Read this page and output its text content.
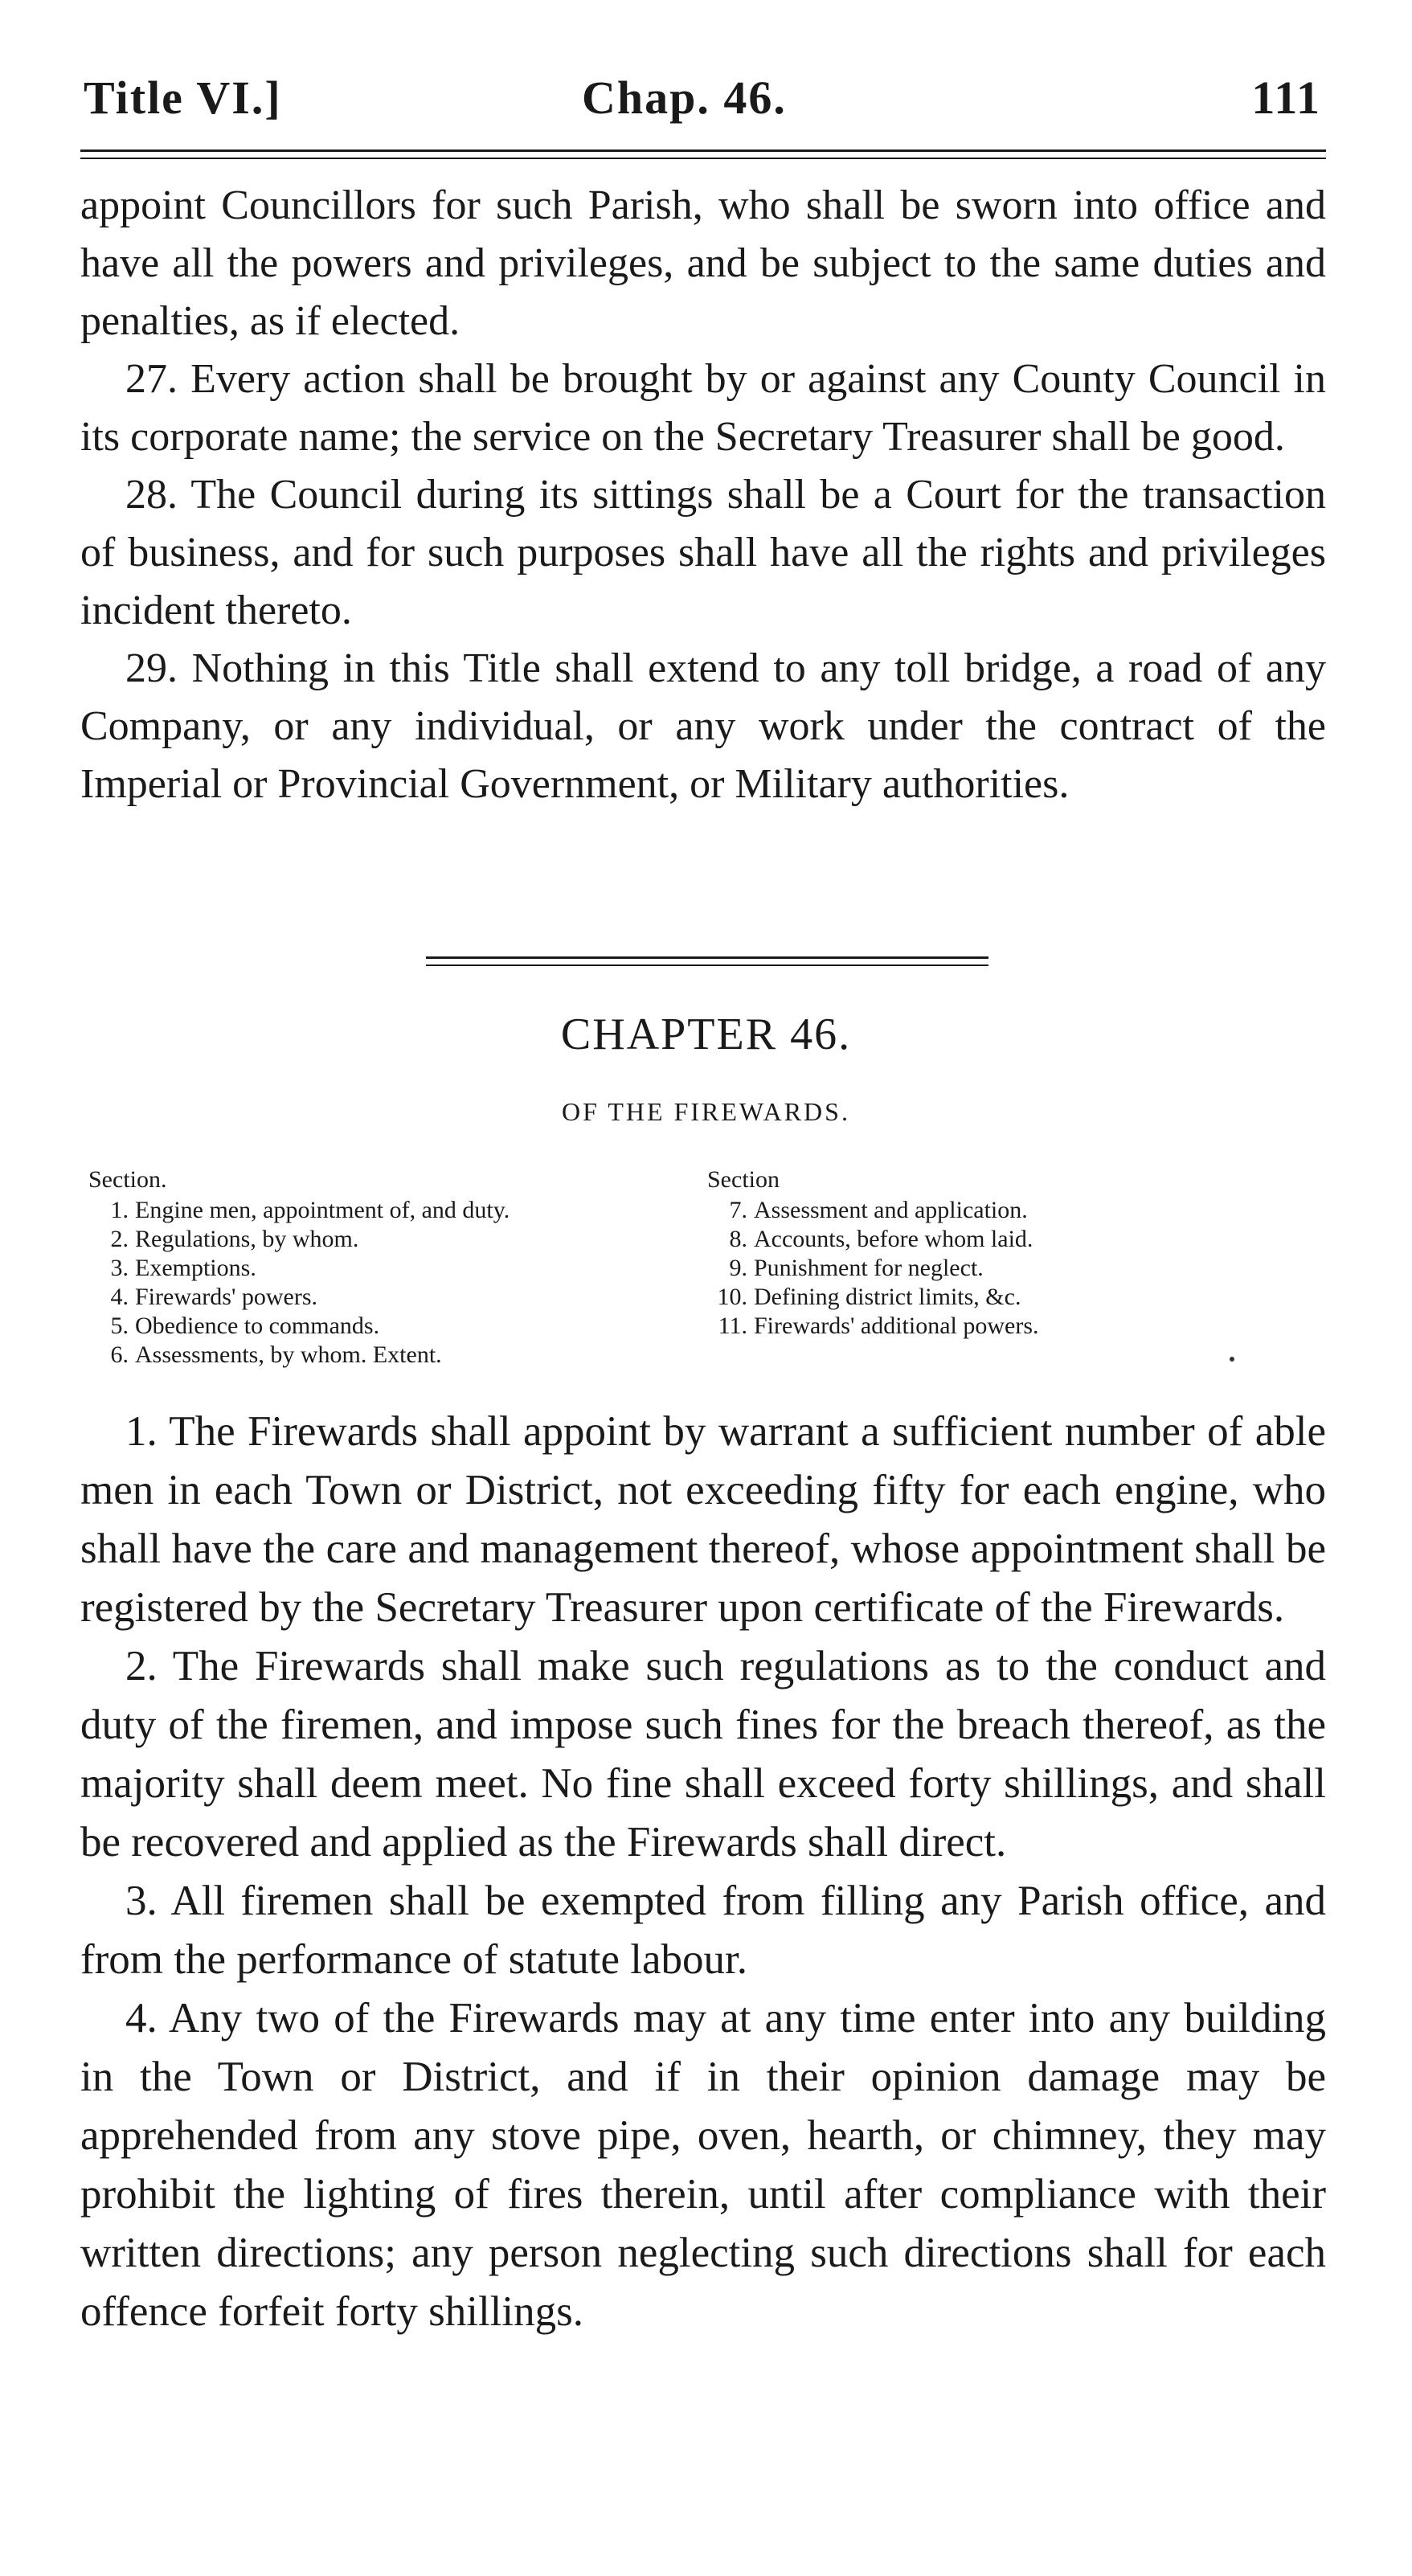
Title VI.]	Chap. 46.	111

appoint Councillors for such Parish, who shall be sworn into office and have all the powers and privileges, and be subject to the same duties and penalties, as if elected.

27. Every action shall be brought by or against any County Council in its corporate name; the service on the Secretary Treasurer shall be good.

28. The Council during its sittings shall be a Court for the transaction of business, and for such purposes shall have all the rights and privileges incident thereto.

29. Nothing in this Title shall extend to any toll bridge, a road of any Company, or any individual, or any work under the contract of the Imperial or Provincial Government, or Military authorities.

CHAPTER 46.
OF THE FIREWARDS.
Section.
1. Engine men, appointment of, and duty.
2. Regulations, by whom.
3. Exemptions.
4. Firewards' powers.
5. Obedience to commands.
6. Assessments, by whom. Extent.
Section
7. Assessment and application.
8. Accounts, before whom laid.
9. Punishment for neglect.
10. Defining district limits, &c.
11. Firewards' additional powers.

1. The Firewards shall appoint by warrant a sufficient number of able men in each Town or District, not exceeding fifty for each engine, who shall have the care and management thereof, whose appointment shall be registered by the Secretary Treasurer upon certificate of the Firewards.

2. The Firewards shall make such regulations as to the conduct and duty of the firemen, and impose such fines for the breach thereof, as the majority shall deem meet. No fine shall exceed forty shillings, and shall be recovered and applied as the Firewards shall direct.

3. All firemen shall be exempted from filling any Parish office, and from the performance of statute labour.

4. Any two of the Firewards may at any time enter into any building in the Town or District, and if in their opinion damage may be apprehended from any stove pipe, oven, hearth, or chimney, they may prohibit the lighting of fires therein, until after compliance with their written directions; any person neglecting such directions shall for each offence forfeit forty shillings.
